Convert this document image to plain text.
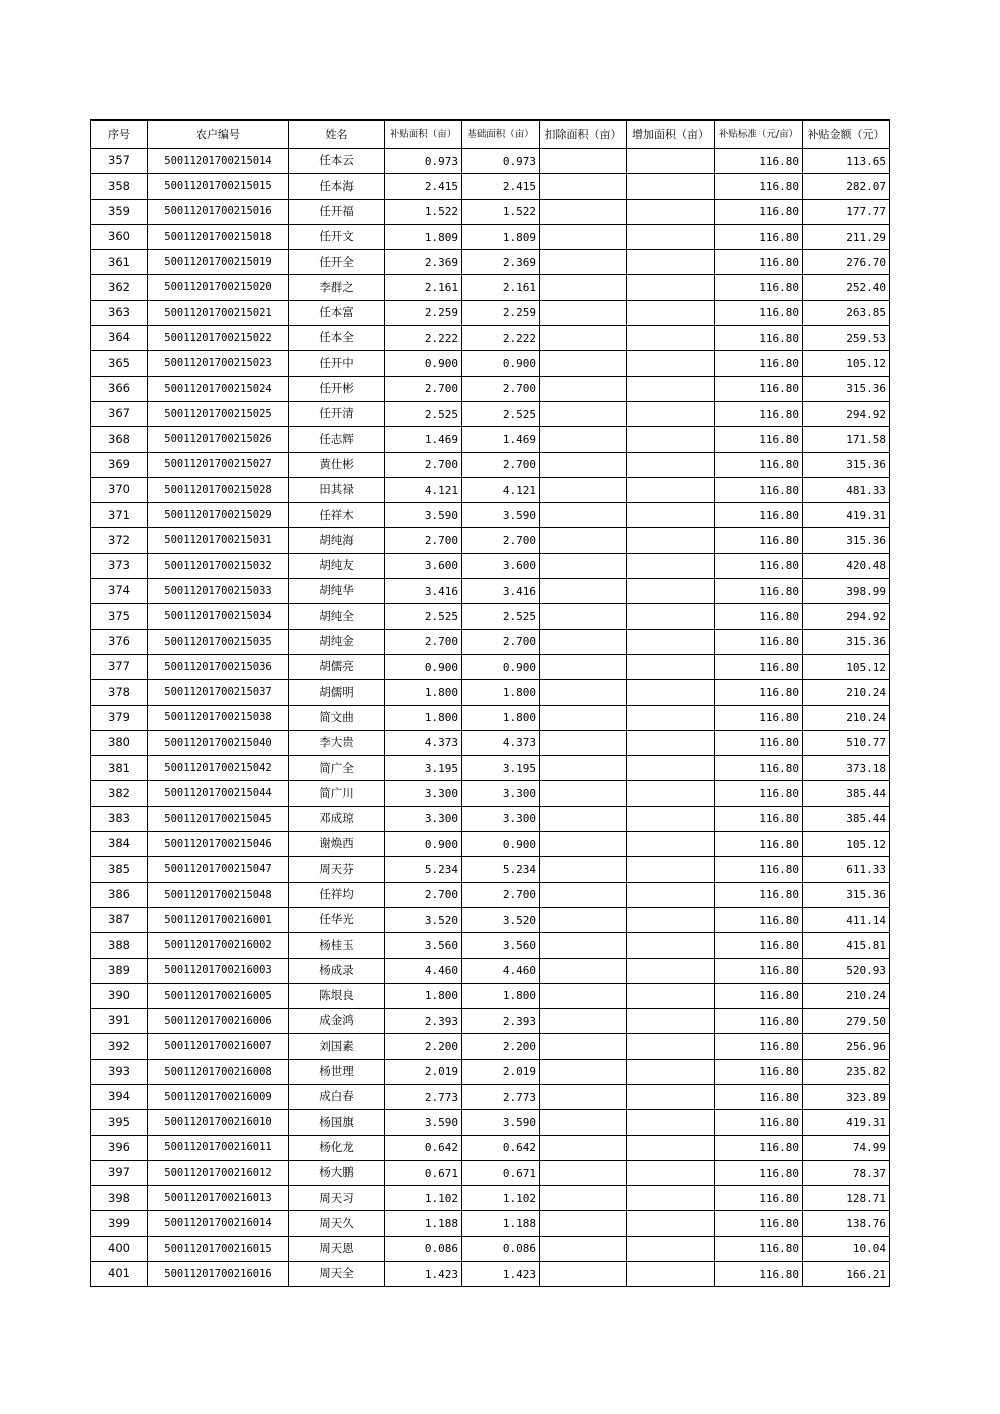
序号	农户编号	姓名	补贴面积（亩）	基础面积（亩）	扣除面积（亩）	增加面积（亩）	补贴标准（元/亩）	补贴金额（元）
357	50011201700215014	任本云	0.973	0.973			116.80	113.65
358	50011201700215015	任本海	2.415	2.415			116.80	282.07
359	50011201700215016	任开福	1.522	1.522			116.80	177.77
360	50011201700215018	任开文	1.809	1.809			116.80	211.29
361	50011201700215019	任开全	2.369	2.369			116.80	276.70
362	50011201700215020	李群之	2.161	2.161			116.80	252.40
363	50011201700215021	任本富	2.259	2.259			116.80	263.85
364	50011201700215022	任本全	2.222	2.222			116.80	259.53
365	50011201700215023	任开中	0.900	0.900			116.80	105.12
366	50011201700215024	任开彬	2.700	2.700			116.80	315.36
367	50011201700215025	任开清	2.525	2.525			116.80	294.92
368	50011201700215026	任志辉	1.469	1.469			116.80	171.58
369	50011201700215027	黄仕彬	2.700	2.700			116.80	315.36
370	50011201700215028	田其禄	4.121	4.121			116.80	481.33
371	50011201700215029	任祥木	3.590	3.590			116.80	419.31
372	50011201700215031	胡纯海	2.700	2.700			116.80	315.36
373	50011201700215032	胡纯友	3.600	3.600			116.80	420.48
374	50011201700215033	胡纯华	3.416	3.416			116.80	398.99
375	50011201700215034	胡纯全	2.525	2.525			116.80	294.92
376	50011201700215035	胡纯金	2.700	2.700			116.80	315.36
377	50011201700215036	胡儒亮	0.900	0.900			116.80	105.12
378	50011201700215037	胡儒明	1.800	1.800			116.80	210.24
379	50011201700215038	简文曲	1.800	1.800			116.80	210.24
380	50011201700215040	李大贵	4.373	4.373			116.80	510.77
381	50011201700215042	简广全	3.195	3.195			116.80	373.18
382	50011201700215044	简广川	3.300	3.300			116.80	385.44
383	50011201700215045	邓成琼	3.300	3.300			116.80	385.44
384	50011201700215046	谢焕西	0.900	0.900			116.80	105.12
385	50011201700215047	周天芬	5.234	5.234			116.80	611.33
386	50011201700215048	任祥均	2.700	2.700			116.80	315.36
387	50011201700216001	任华光	3.520	3.520			116.80	411.14
388	50011201700216002	杨桂玉	3.560	3.560			116.80	415.81
389	50011201700216003	杨成录	4.460	4.460			116.80	520.93
390	50011201700216005	陈垠良	1.800	1.800			116.80	210.24
391	50011201700216006	成金鸿	2.393	2.393			116.80	279.50
392	50011201700216007	刘国素	2.200	2.200			116.80	256.96
393	50011201700216008	杨世理	2.019	2.019			116.80	235.82
394	50011201700216009	成白春	2.773	2.773			116.80	323.89
395	50011201700216010	杨国旗	3.590	3.590			116.80	419.31
396	50011201700216011	杨化龙	0.642	0.642			116.80	74.99
397	50011201700216012	杨大鹏	0.671	0.671			116.80	78.37
398	50011201700216013	周天习	1.102	1.102			116.80	128.71
399	50011201700216014	周天久	1.188	1.188			116.80	138.76
400	50011201700216015	周天恩	0.086	0.086			116.80	10.04
401	50011201700216016	周天全	1.423	1.423			116.80	166.21
